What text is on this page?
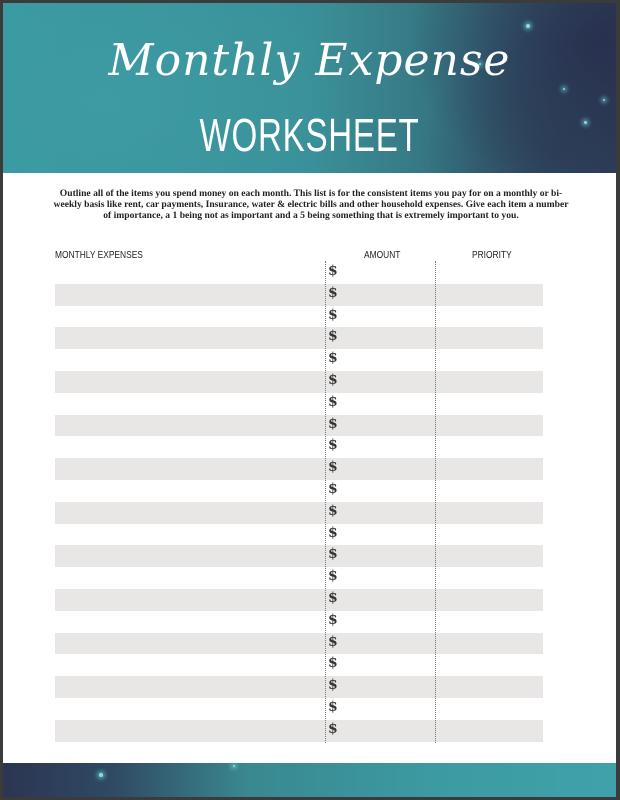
Monthly Expense
WORKSHEET
Outline all of the items you spend money on each month. This list is for the consistent items you pay for on a monthly or bi-weekly basis like rent, car payments, Insurance, water & electric bills and other household expenses. Give each item a number of importance, a 1 being not as important and a 5 being something that is extremely important to you.
MONTHLY EXPENSES	AMOUNT	PRIORITY
$
$
$
$
$
$
$
$
$
$
$
$
$
$
$
$
$
$
$
$
$
$
